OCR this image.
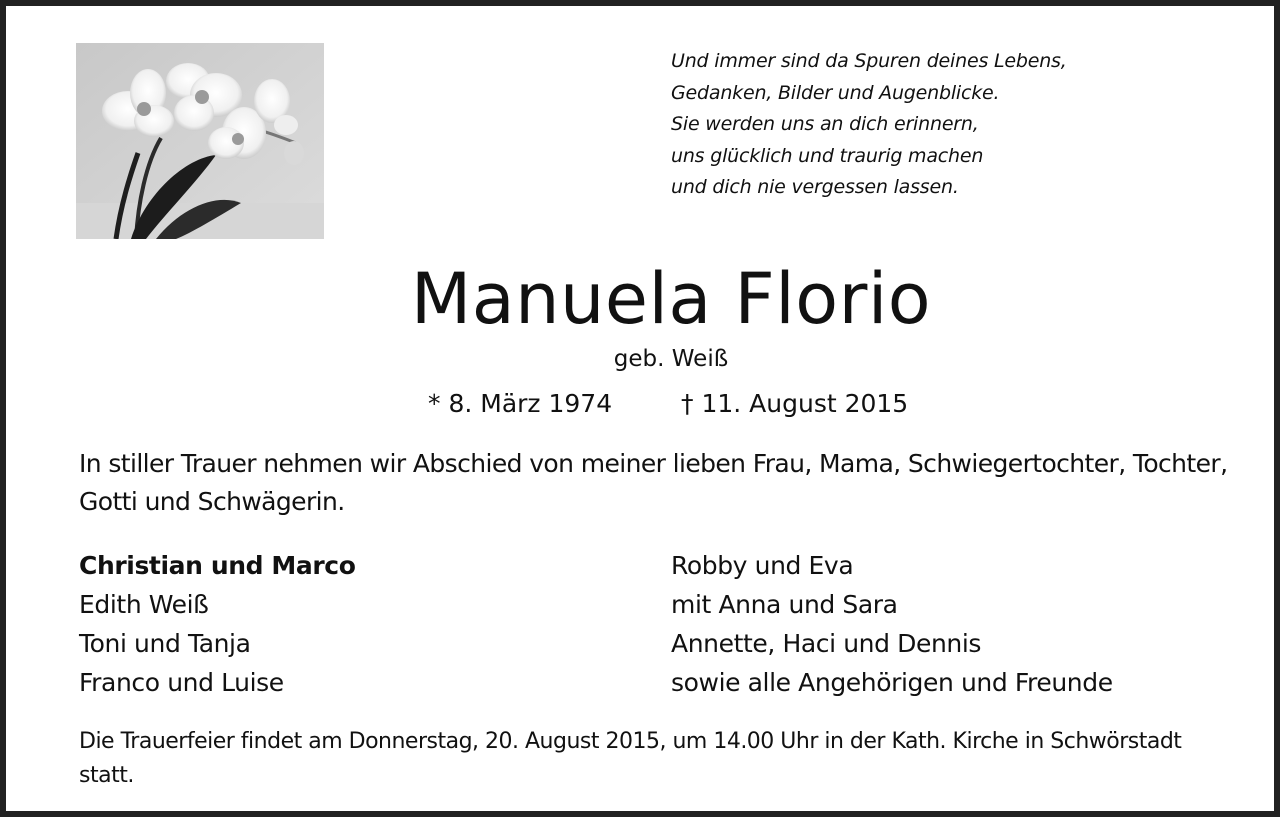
Und immer sind da Spuren deines Lebens,
Gedanken, Bilder und Augenblicke.
Sie werden uns an dich erinnern,
uns glücklich und traurig machen
und dich nie vergessen lassen.
Manuela Florio
geb. Weiß
* 8. März 1974	† 11. August 2015
In stiller Trauer nehmen wir Abschied von meiner lieben Frau, Mama, Schwiegertochter, Tochter, Gotti und Schwägerin.
Christian und Marco
Edith Weiß
Toni und Tanja
Franco und Luise
Robby und Eva
mit Anna und Sara
Annette, Haci und Dennis
sowie alle Angehörigen und Freunde
Die Trauerfeier findet am Donnerstag, 20. August 2015, um 14.00 Uhr in der Kath. Kirche in Schwörstadt statt.
